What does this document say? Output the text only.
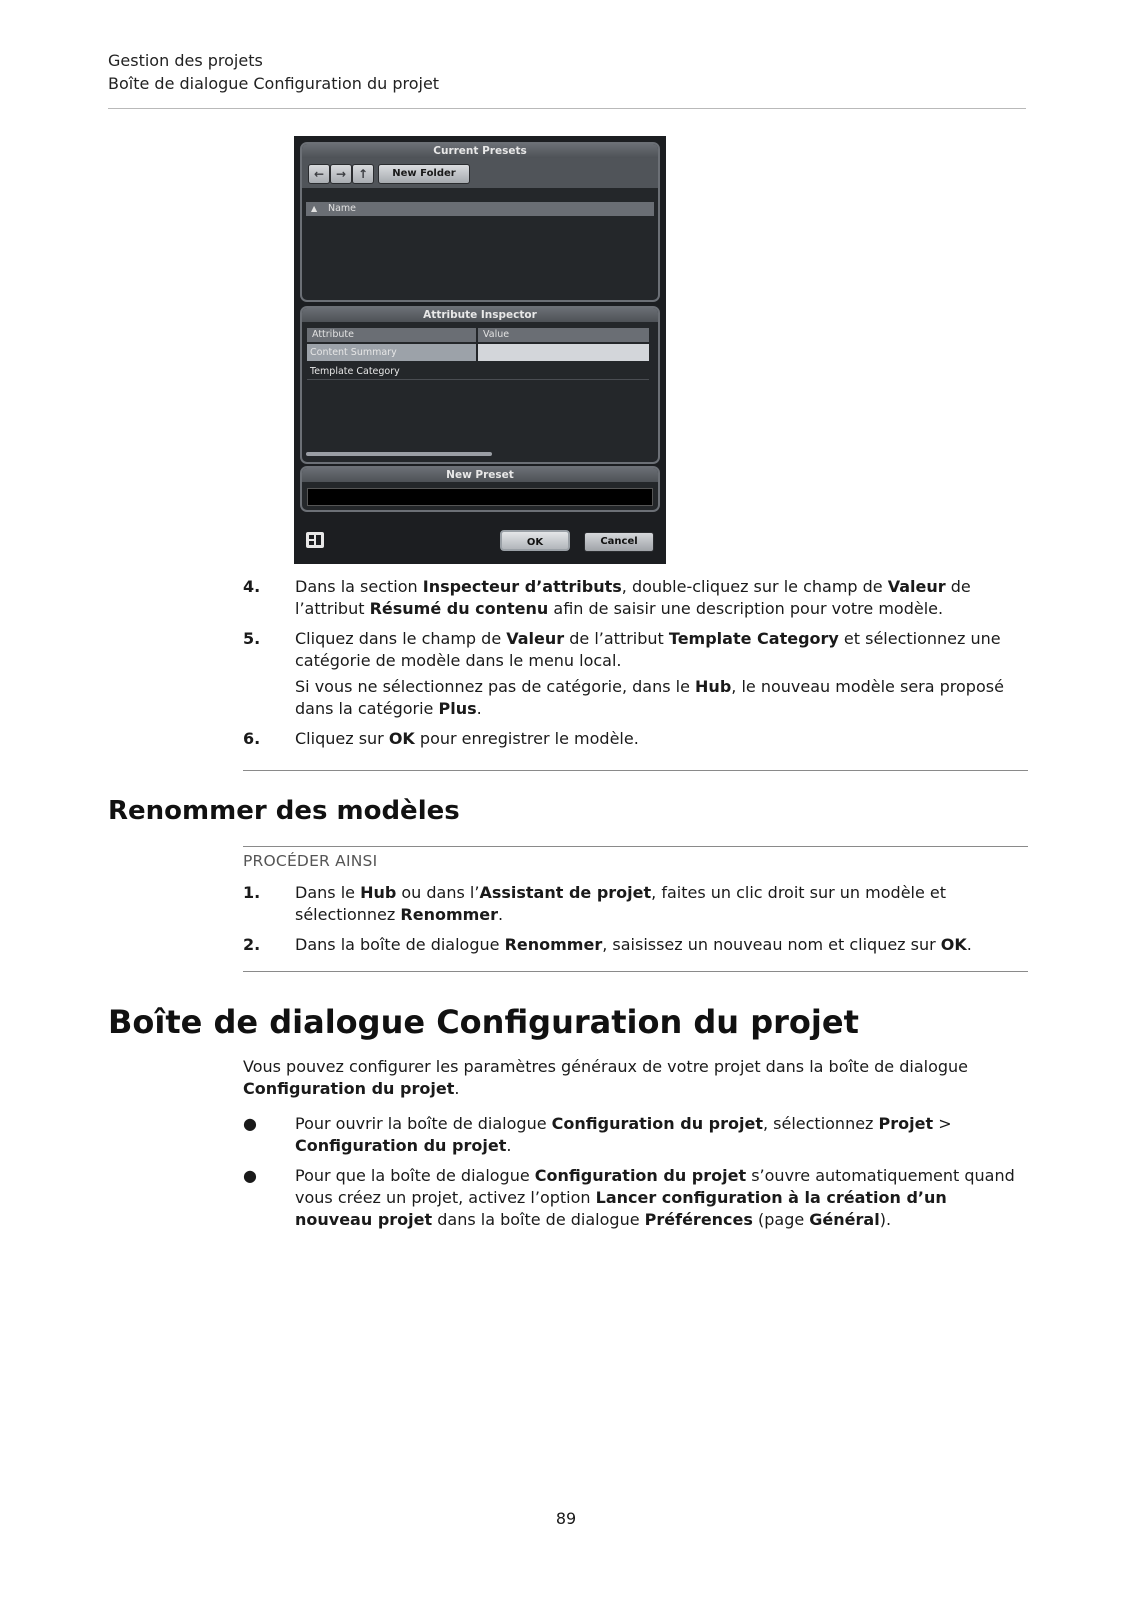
Gestion des projets
Boîte de dialogue Configuration du projet
Current Presets
← → ↑	New Folder
▲ Name
Attribute Inspector
Attribute	Value
Content Summary
Template Category
New Preset
OK	Cancel

4. Dans la section Inspecteur d’attributs, double-cliquez sur le champ de Valeur de l’attribut Résumé du contenu afin de saisir une description pour votre modèle.

5. Cliquez dans le champ de Valeur de l’attribut Template Category et sélectionnez une catégorie de modèle dans le menu local.

Si vous ne sélectionnez pas de catégorie, dans le Hub, le nouveau modèle sera proposé dans la catégorie Plus.

6. Cliquez sur OK pour enregistrer le modèle.

Renommer des modèles
PROCÉDER AINSI

1. Dans le Hub ou dans l’Assistant de projet, faites un clic droit sur un modèle et sélectionnez Renommer.

2. Dans la boîte de dialogue Renommer, saisissez un nouveau nom et cliquez sur OK.

Boîte de dialogue Configuration du projet
Vous pouvez configurer les paramètres généraux de votre projet dans la boîte de dialogue Configuration du projet.
●	Pour ouvrir la boîte de dialogue Configuration du projet, sélectionnez Projet > Configuration du projet.
●	Pour que la boîte de dialogue Configuration du projet s’ouvre automatiquement quand vous créez un projet, activez l’option Lancer configuration à la création d’un nouveau projet dans la boîte de dialogue Préférences (page Général).
89
